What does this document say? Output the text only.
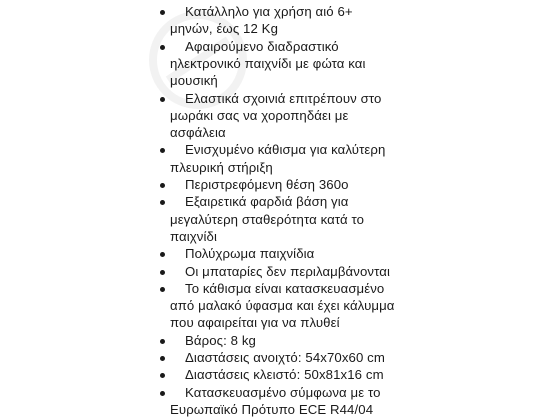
Κατάλληλο για χρήση αιό 6+
μηνών, έως 12 Kg
Αφαιρούμενο διαδραστικό
ηλεκτρονικό παιχνίδι με φώτα και
μουσική
Ελαστικά σχοινιά επιτρέπουν στο
μωράκι σας να χοροπηδάει με
ασφάλεια
Ενισχυμένο κάθισμα για καλύτερη
πλευρική στήριξη
Περιστρεφόμενη θέση 360ο
Εξαιρετικά φαρδιά βάση για
μεγαλύτερη σταθερότητα κατά το
παιχνίδι
Πολύχρωμα παιχνίδια
Οι μπαταρίες δεν περιλαμβάνονται
Το κάθισμα είναι κατασκευασμένο
από μαλακό ύφασμα και έχει κάλυμμα
που αφαιρείται για να πλυθεί
Βάρος: 8 kg
Διαστάσεις ανοιχτό: 54x70x60 cm
Διαστάσεις κλειστό: 50x81x16 cm
Κατασκευασμένο σύμφωνα με το
Ευρωπαϊκό Πρότυπο ECE R44/04
